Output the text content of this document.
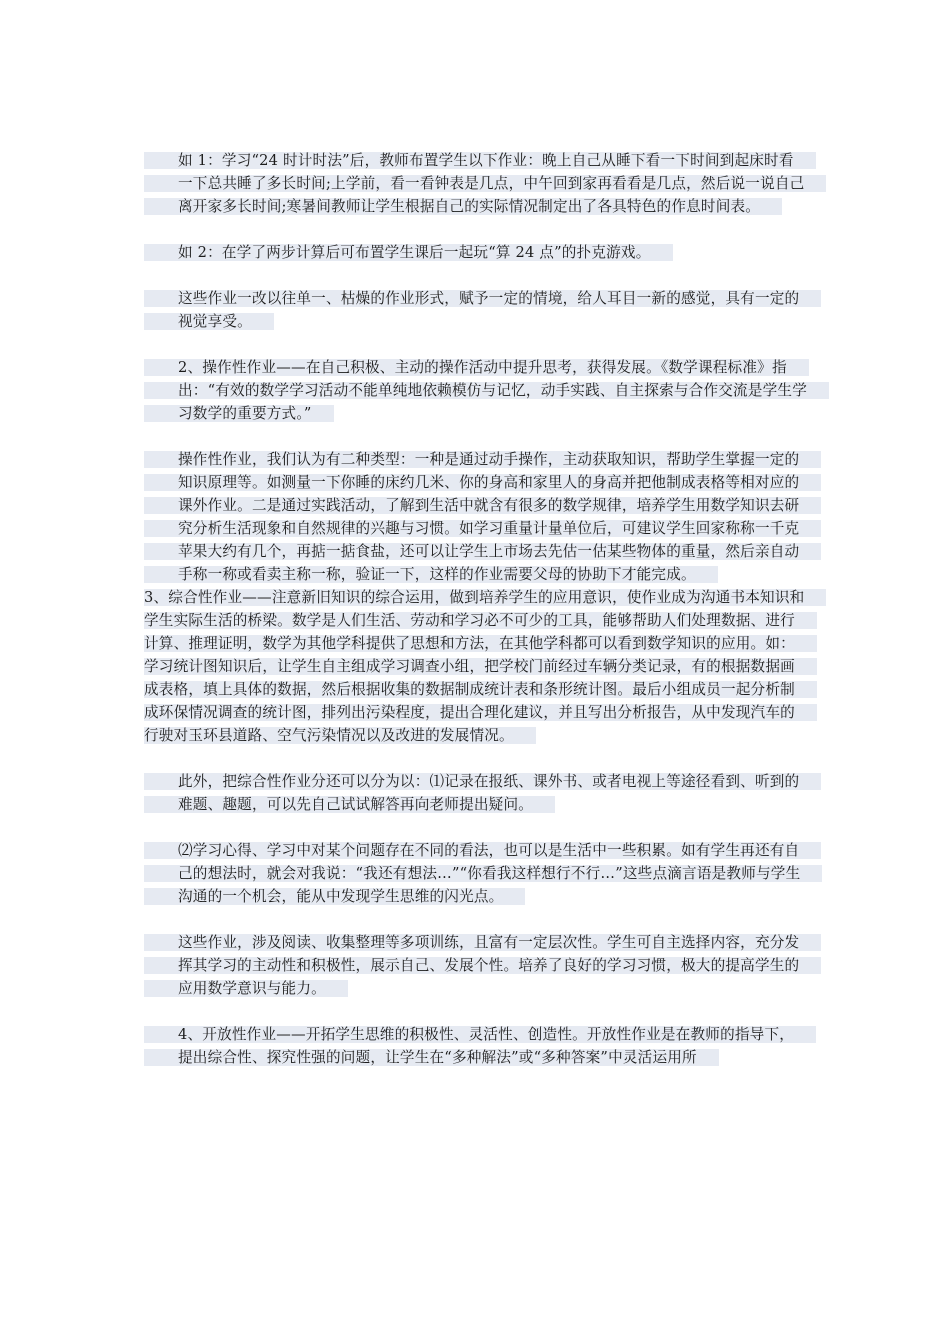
如 1：学习“24 时计时法”后，教师布置学生以下作业：晚上自己从睡下看一下时间到起床时看一下总共睡了多长时间;上学前，看一看钟表是几点，中午回到家再看看是几点，然后说一说自己离开家多长时间;寒暑间教师让学生根据自己的实际情况制定出了各具特色的作息时间表。

如 2：在学了两步计算后可布置学生课后一起玩“算 24 点”的扑克游戏。

这些作业一改以往单一、枯燥的作业形式，赋予一定的情境，给人耳目一新的感觉，具有一定的视觉享受。

2、操作性作业——在自己积极、主动的操作活动中提升思考，获得发展。《数学课程标准》指出：“有效的数学学习活动不能单纯地依赖模仿与记忆，动手实践、自主探索与合作交流是学生学习数学的重要方式。”

操作性作业，我们认为有二种类型：一种是通过动手操作，主动获取知识，帮助学生掌握一定的知识原理等。如测量一下你睡的床约几米、你的身高和家里人的身高并把他制成表格等相对应的课外作业。二是通过实践活动，了解到生活中就含有很多的数学规律，培养学生用数学知识去研究分析生活现象和自然规律的兴趣与习惯。如学习重量计量单位后，可建议学生回家称称一千克苹果大约有几个，再掂一掂食盐，还可以让学生上市场去先估一估某些物体的重量，然后亲自动手称一称或看卖主称一称，验证一下，这样的作业需要父母的协助下才能完成。

3、综合性作业——注意新旧知识的综合运用，做到培养学生的应用意识，使作业成为沟通书本知识和学生实际生活的桥梁。数学是人们生活、劳动和学习必不可少的工具，能够帮助人们处理数据、进行计算、推理证明，数学为其他学科提供了思想和方法，在其他学科都可以看到数学知识的应用。如：学习统计图知识后，让学生自主组成学习调查小组，把学校门前经过车辆分类记录，有的根据数据画成表格，填上具体的数据，然后根据收集的数据制成统计表和条形统计图。最后小组成员一起分析制成环保情况调查的统计图，排列出污染程度，提出合理化建议，并且写出分析报告，从中发现汽车的行驶对玉环县道路、空气污染情况以及改进的发展情况。

此外，把综合性作业分还可以分为以：⑴记录在报纸、课外书、或者电视上等途径看到、听到的难题、趣题，可以先自己试试解答再向老师提出疑问。

⑵学习心得、学习中对某个问题存在不同的看法，也可以是生活中一些积累。如有学生再还有自己的想法时，就会对我说：“我还有想法…”“你看我这样想行不行…”这些点滴言语是教师与学生沟通的一个机会，能从中发现学生思维的闪光点。

这些作业，涉及阅读、收集整理等多项训练，且富有一定层次性。学生可自主选择内容，充分发挥其学习的主动性和积极性，展示自己、发展个性。培养了良好的学习习惯，极大的提高学生的应用数学意识与能力。

4、开放性作业——开拓学生思维的积极性、灵活性、创造性。开放性作业是在教师的指导下，提出综合性、探究性强的问题，让学生在“多种解法”或“多种答案”中灵活运用所
